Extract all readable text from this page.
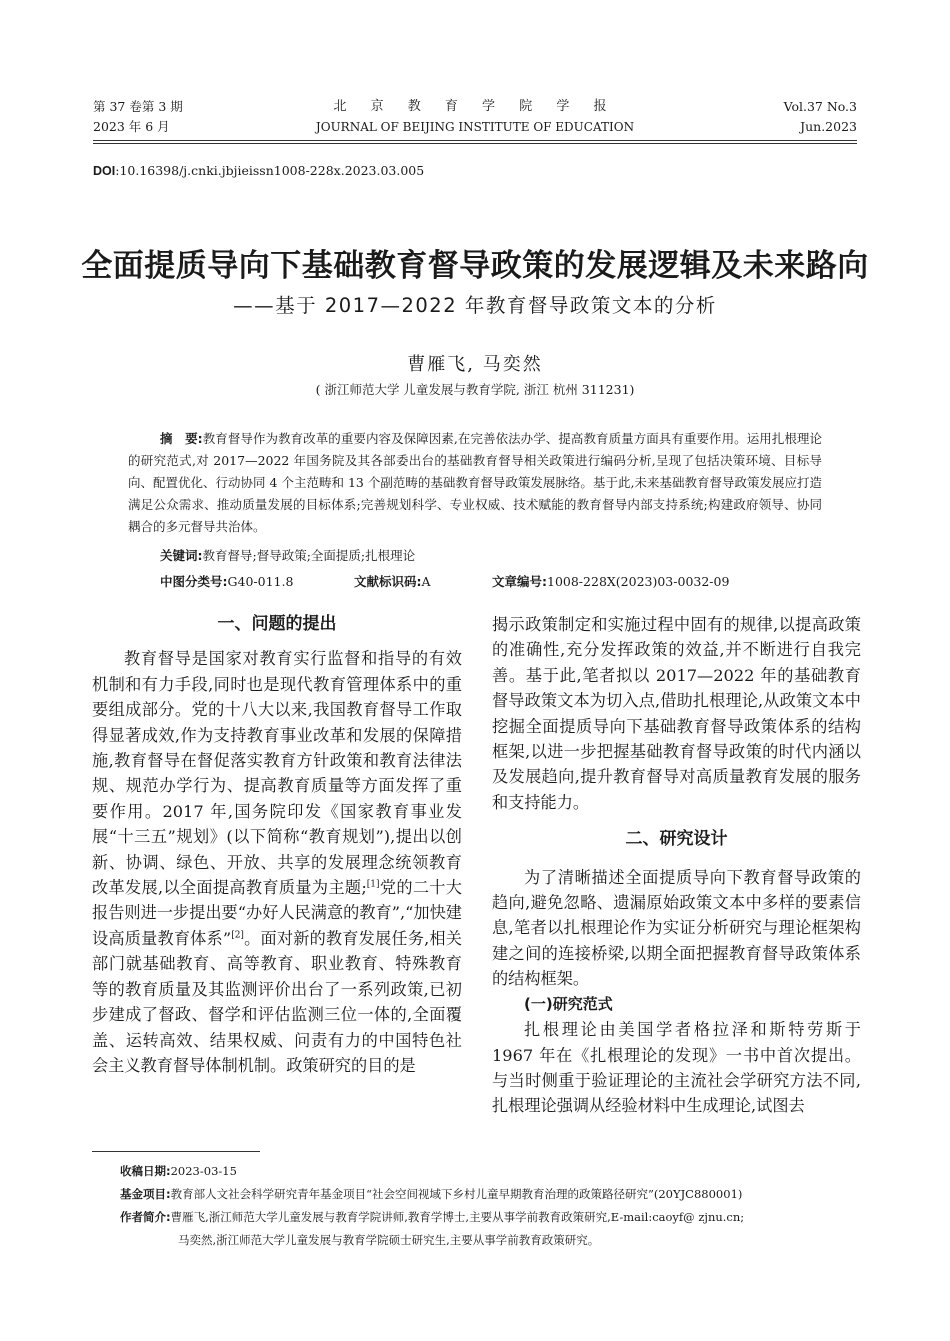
第 37 卷第 3 期
2023 年 6 月
北 京 教 育 学 院 学 报
JOURNAL OF BEIJING INSTITUTE OF EDUCATION
Vol.37 No.3
Jun.2023
DOI:10.16398/j.cnki.jbjieissn1008-228x.2023.03.005
全面提质导向下基础教育督导政策的发展逻辑及未来路向
——基于 2017—2022 年教育督导政策文本的分析
曹雁飞, 马奕然
( 浙江师范大学 儿童发展与教育学院, 浙江 杭州 311231)
摘　要:教育督导作为教育改革的重要内容及保障因素,在完善依法办学、提高教育质量方面具有重要作用。运用扎根理论的研究范式,对 2017—2022 年国务院及其各部委出台的基础教育督导相关政策进行编码分析,呈现了包括决策环境、目标导向、配置优化、行动协同 4 个主范畴和 13 个副范畴的基础教育督导政策发展脉络。基于此,未来基础教育督导政策发展应打造满足公众需求、推动质量发展的目标体系;完善规划科学、专业权威、技术赋能的教育督导内部支持系统;构建政府领导、协同耦合的多元督导共治体。
关键词:教育督导;督导政策;全面提质;扎根理论
中图分类号:G40-011.8	文献标识码:A	文章编号:1008-228X(2023)03-0032-09
一、问题的提出

教育督导是国家对教育实行监督和指导的有效机制和有力手段,同时也是现代教育管理体系中的重要组成部分。党的十八大以来,我国教育督导工作取得显著成效,作为支持教育事业改革和发展的保障措施,教育督导在督促落实教育方针政策和教育法律法规、规范办学行为、提高教育质量等方面发挥了重要作用。2017 年,国务院印发《国家教育事业发展“十三五”规划》(以下简称“教育规划”),提出以创新、协调、绿色、开放、共享的发展理念统领教育改革发展,以全面提高教育质量为主题;[1]党的二十大报告则进一步提出要“办好人民满意的教育”,“加快建设高质量教育体系”[2]。面对新的教育发展任务,相关部门就基础教育、高等教育、职业教育、特殊教育等的教育质量及其监测评价出台了一系列政策,已初步建成了督政、督学和评估监测三位一体的,全面覆盖、运转高效、结果权威、问责有力的中国特色社会主义教育督导体制机制。政策研究的目的是

揭示政策制定和实施过程中固有的规律,以提高政策的准确性,充分发挥政策的效益,并不断进行自我完善。基于此,笔者拟以 2017—2022 年的基础教育督导政策文本为切入点,借助扎根理论,从政策文本中挖掘全面提质导向下基础教育督导政策体系的结构框架,以进一步把握基础教育督导政策的时代内涵以及发展趋向,提升教育督导对高质量教育发展的服务和支持能力。

二、研究设计

为了清晰描述全面提质导向下教育督导政策的趋向,避免忽略、遗漏原始政策文本中多样的要素信息,笔者以扎根理论作为实证分析研究与理论框架构建之间的连接桥梁,以期全面把握教育督导政策体系的结构框架。

(一)研究范式

扎根理论由美国学者格拉泽和斯特劳斯于 1967 年在《扎根理论的发现》一书中首次提出。与当时侧重于验证理论的主流社会学研究方法不同,扎根理论强调从经验材料中生成理论,试图去

收稿日期:2023-03-15
基金项目:教育部人文社会科学研究青年基金项目“社会空间视域下乡村儿童早期教育治理的政策路径研究”(20YJC880001)
作者简介:曹雁飞,浙江师范大学儿童发展与教育学院讲师,教育学博士,主要从事学前教育政策研究,E-mail:caoyf@ zjnu.cn;
马奕然,浙江师范大学儿童发展与教育学院硕士研究生,主要从事学前教育政策研究。
